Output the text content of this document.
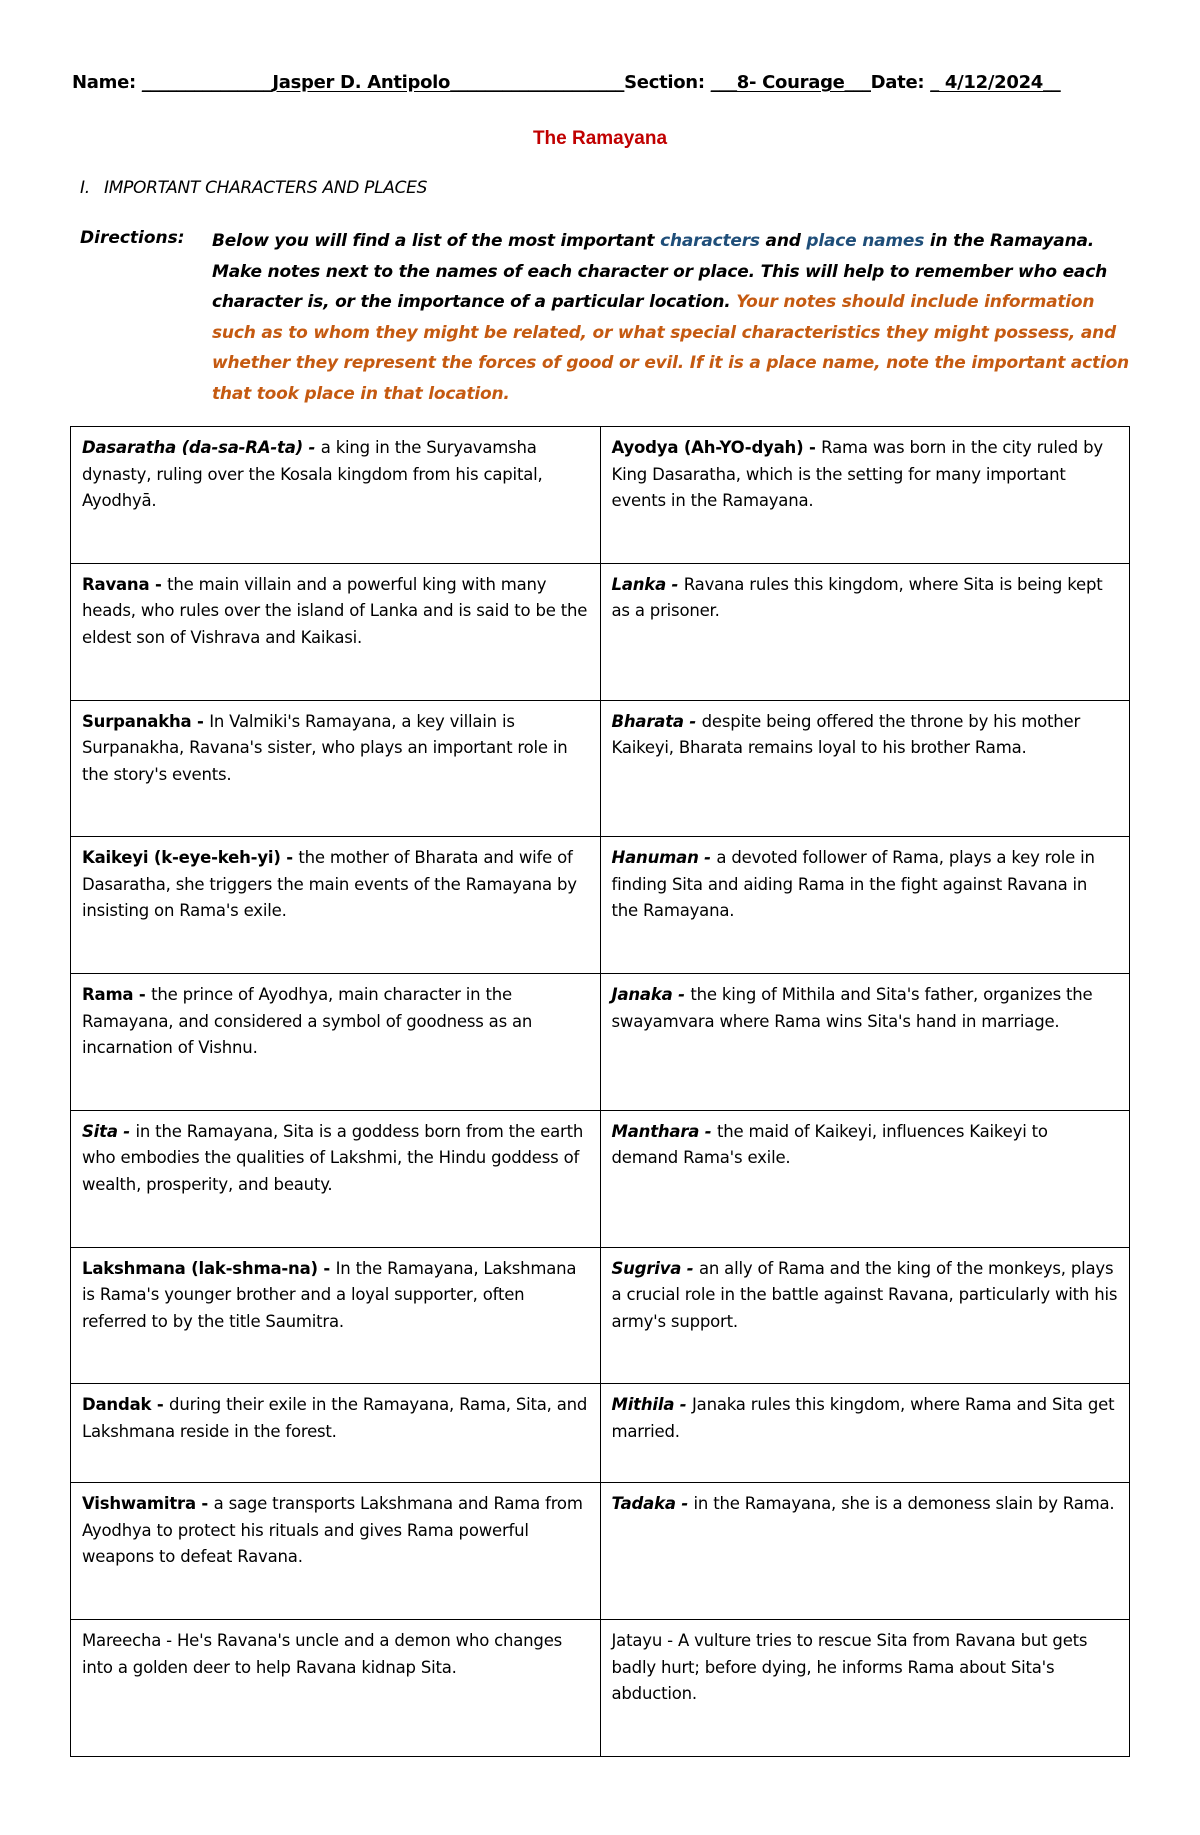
Name: _______________Jasper D. Antipolo____________________Section: ___8- Courage___Date: _ 4/12/2024__
The Ramayana
I. IMPORTANT CHARACTERS AND PLACES
Directions: Below you will find a list of the most important characters and place names in the Ramayana. Make notes next to the names of each character or place. This will help to remember who each character is, or the importance of a particular location. Your notes should include information such as to whom they might be related, or what special characteristics they might possess, and whether they represent the forces of good or evil. If it is a place name, note the important action that took place in that location.
Dasaratha (da-sa-RA-ta) - a king in the Suryavamsha dynasty, ruling over the Kosala kingdom from his capital, Ayodhyā.	Ayodya (Ah-YO-dyah) - Rama was born in the city ruled by King Dasaratha, which is the setting for many important events in the Ramayana.
Ravana - the main villain and a powerful king with many heads, who rules over the island of Lanka and is said to be the eldest son of Vishrava and Kaikasi.	Lanka - Ravana rules this kingdom, where Sita is being kept as a prisoner.
Surpanakha - In Valmiki's Ramayana, a key villain is Surpanakha, Ravana's sister, who plays an important role in the story's events.	Bharata - despite being offered the throne by his mother Kaikeyi, Bharata remains loyal to his brother Rama.
Kaikeyi (k-eye-keh-yi) - the mother of Bharata and wife of Dasaratha, she triggers the main events of the Ramayana by insisting on Rama's exile.	Hanuman - a devoted follower of Rama, plays a key role in finding Sita and aiding Rama in the fight against Ravana in the Ramayana.
Rama - the prince of Ayodhya, main character in the Ramayana, and considered a symbol of goodness as an incarnation of Vishnu.	Janaka - the king of Mithila and Sita's father, organizes the swayamvara where Rama wins Sita's hand in marriage.
Sita - in the Ramayana, Sita is a goddess born from the earth who embodies the qualities of Lakshmi, the Hindu goddess of wealth, prosperity, and beauty.	Manthara - the maid of Kaikeyi, influences Kaikeyi to demand Rama's exile.
Lakshmana (lak-shma-na) - In the Ramayana, Lakshmana is Rama's younger brother and a loyal supporter, often referred to by the title Saumitra.	Sugriva - an ally of Rama and the king of the monkeys, plays a crucial role in the battle against Ravana, particularly with his army's support.
Dandak - during their exile in the Ramayana, Rama, Sita, and Lakshmana reside in the forest.	Mithila - Janaka rules this kingdom, where Rama and Sita get married.
Vishwamitra - a sage transports Lakshmana and Rama from Ayodhya to protect his rituals and gives Rama powerful weapons to defeat Ravana.	Tadaka - in the Ramayana, she is a demoness slain by Rama.
Mareecha - He's Ravana's uncle and a demon who changes into a golden deer to help Ravana kidnap Sita.	Jatayu - A vulture tries to rescue Sita from Ravana but gets badly hurt; before dying, he informs Rama about Sita's abduction.
